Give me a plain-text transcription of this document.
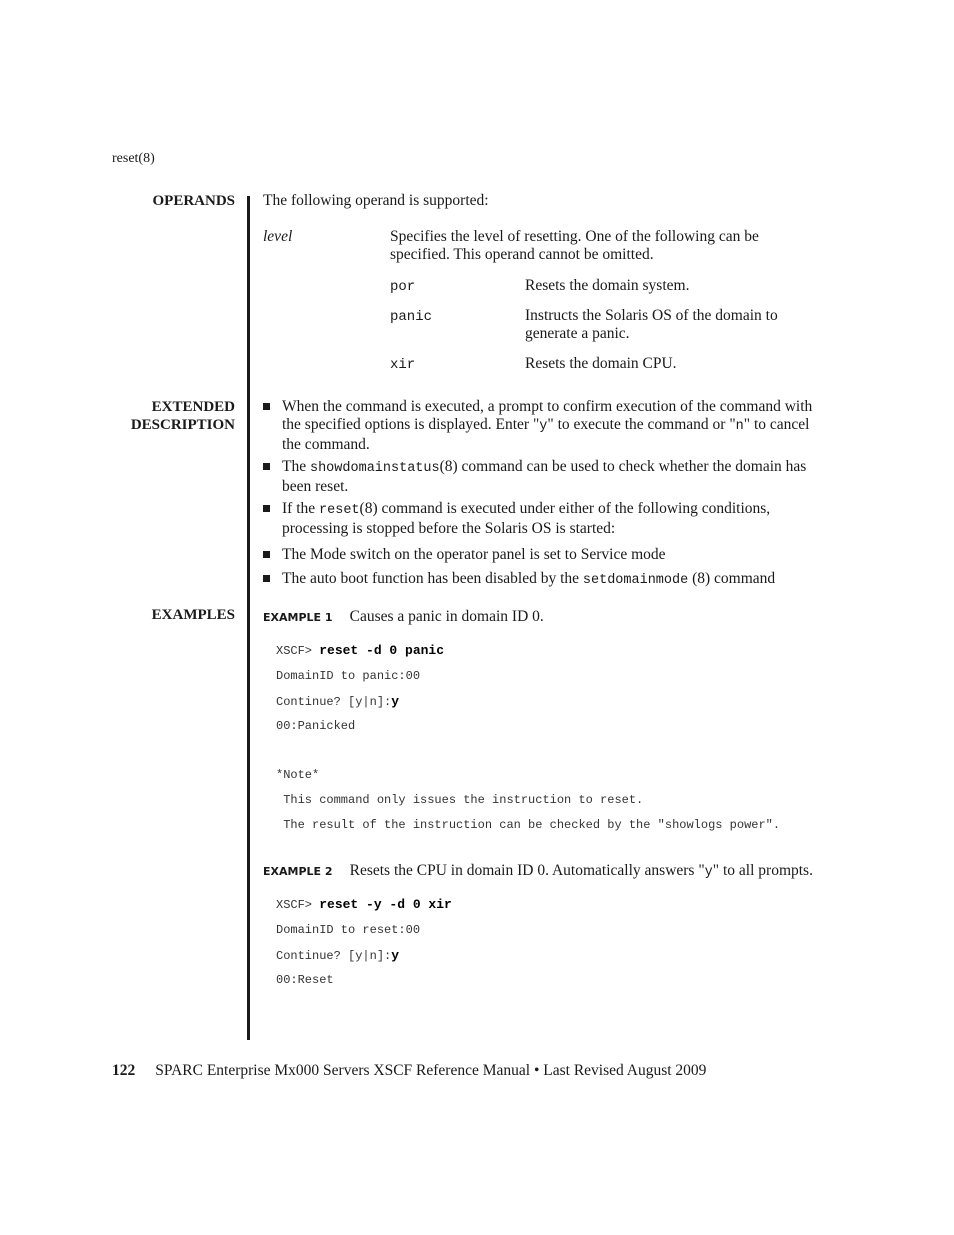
reset(8)
OPERANDS The following operand is supported:
level	Specifies the level of resetting. One of the following can be specified. This operand cannot be omitted.
por	Resets the domain system.
panic	Instructs the Solaris OS of the domain to generate a panic.
xir	Resets the domain CPU.
EXTENDED
DESCRIPTION
When the command is executed, a prompt to confirm execution of the command with the specified options is displayed. Enter "y" to execute the command or "n" to cancel the command.
The showdomainstatus(8) command can be used to check whether the domain has been reset.
If the reset(8) command is executed under either of the following conditions, processing is stopped before the Solaris OS is started:
The Mode switch on the operator panel is set to Service mode
The auto boot function has been disabled by the setdomainmode (8) command
EXAMPLES	EXAMPLE 1 Causes a panic in domain ID 0.
XSCF> reset -d 0 panic
DomainID to panic:00
Continue? [y|n]:y
00:Panicked
*Note*
This command only issues the instruction to reset.
The result of the instruction can be checked by the "showlogs power".
EXAMPLE 2 Resets the CPU in domain ID 0. Automatically answers "y" to all prompts.
XSCF> reset -y -d 0 xir
DomainID to reset:00
Continue? [y|n]:y
00:Reset
122 SPARC Enterprise Mx000 Servers XSCF Reference Manual • Last Revised August 2009
